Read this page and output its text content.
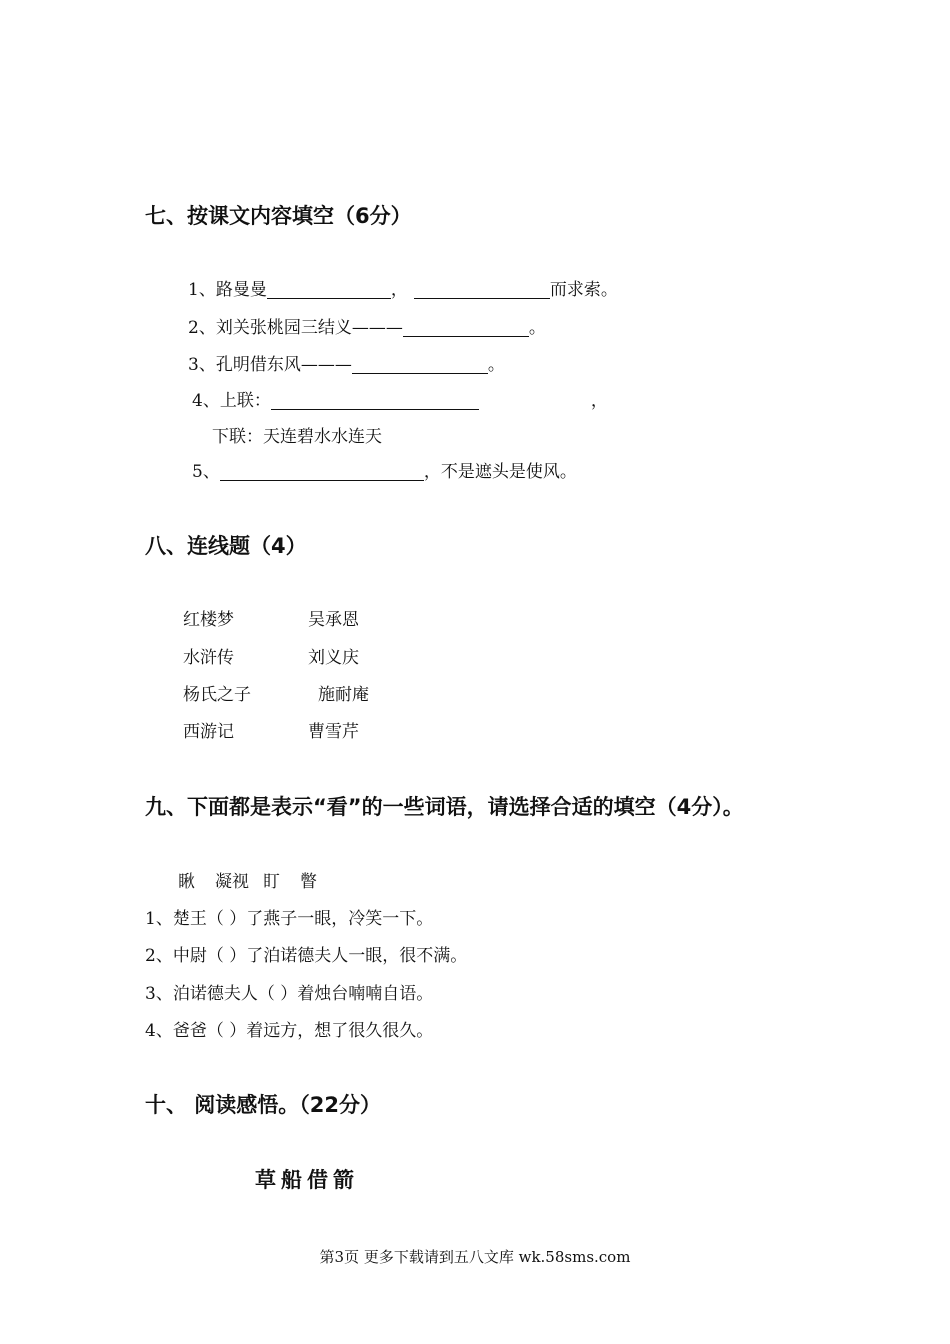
七、按课文内容填空（6分）
1、路曼曼	，	而求索。
2、刘关张桃园三结义———	。
3、孔明借东风———	。
4、上联：	，
下联：天连碧水水连天
5、	，不是遮头是使风。
八、连线题（4）
红楼梦	吴承恩
水浒传	刘义庆
杨氏之子	施耐庵
西游记	曹雪芹
九、下面都是表示“看”的一些词语，请选择合适的填空（4分）。
瞅 凝视 盯 瞥
1、楚王（ ）了燕子一眼，冷笑一下。
2、中尉（ ）了泊诺德夫人一眼，很不满。
3、泊诺德夫人（ ）着烛台喃喃自语。
4、爸爸（ ）着远方，想了很久很久。
十、 阅读感悟。（22分）
草船借箭
第3页 更多下载请到五八文库 wk.58sms.com
